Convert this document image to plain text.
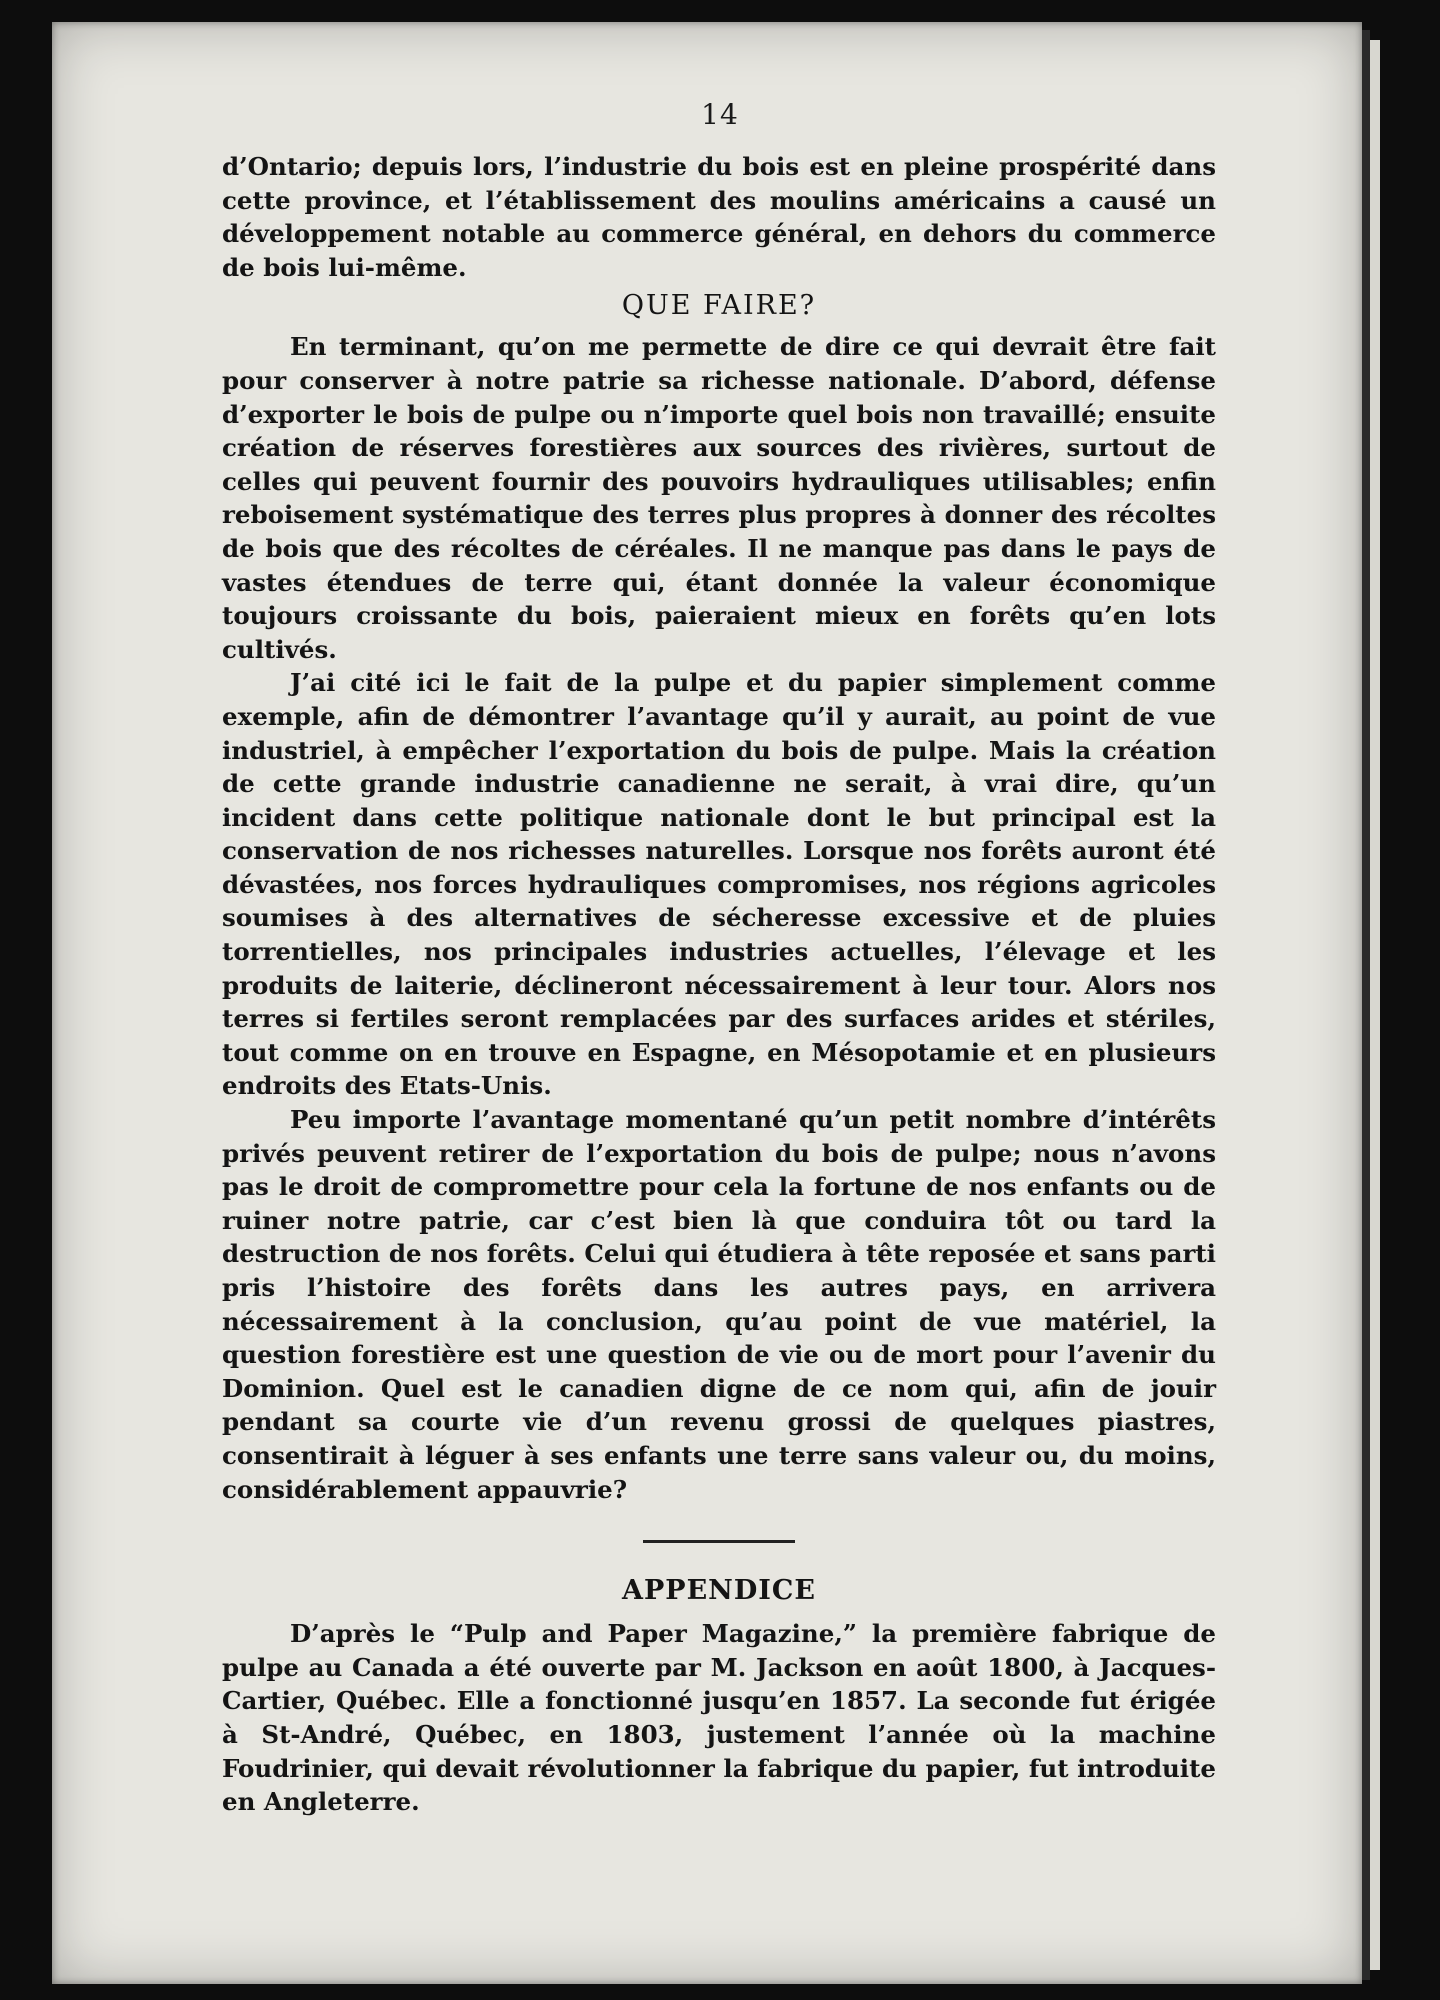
14

d’Ontario; depuis lors, l’industrie du bois est en pleine prospérité dans cette province, et l’établissement des moulins américains a causé un développement notable au commerce général, en dehors du commerce de bois lui-même.

QUE FAIRE?

En terminant, qu’on me permette de dire ce qui devrait être fait pour conserver à notre patrie sa richesse nationale. D’abord, défense d’exporter le bois de pulpe ou n’importe quel bois non travaillé; ensuite création de réserves forestières aux sources des rivières, surtout de celles qui peuvent fournir des pouvoirs hydrauliques utilisables; enfin reboisement systématique des terres plus propres à donner des récoltes de bois que des récoltes de céréales. Il ne manque pas dans le pays de vastes étendues de terre qui, étant donnée la valeur économique toujours croissante du bois, paieraient mieux en forêts qu’en lots cultivés.

J’ai cité ici le fait de la pulpe et du papier simplement comme exemple, afin de démontrer l’avantage qu’il y aurait, au point de vue industriel, à empêcher l’exportation du bois de pulpe. Mais la création de cette grande industrie canadienne ne serait, à vrai dire, qu’un incident dans cette politique nationale dont le but principal est la conservation de nos richesses naturelles. Lorsque nos forêts auront été dévastées, nos forces hydrauliques compromises, nos régions agricoles soumises à des alternatives de sécheresse excessive et de pluies torrentielles, nos principales industries actuelles, l’élevage et les produits de laiterie, déclineront nécessairement à leur tour. Alors nos terres si fertiles seront remplacées par des surfaces arides et stériles, tout comme on en trouve en Espagne, en Mésopotamie et en plusieurs endroits des Etats-Unis.

Peu importe l’avantage momentané qu’un petit nombre d’intérêts privés peuvent retirer de l’exportation du bois de pulpe; nous n’avons pas le droit de compromettre pour cela la fortune de nos enfants ou de ruiner notre patrie, car c’est bien là que conduira tôt ou tard la destruction de nos forêts. Celui qui étudiera à tête reposée et sans parti pris l’histoire des forêts dans les autres pays, en arrivera nécessairement à la conclusion, qu’au point de vue matériel, la question forestière est une question de vie ou de mort pour l’avenir du Dominion. Quel est le canadien digne de ce nom qui, afin de jouir pendant sa courte vie d’un revenu grossi de quelques piastres, consentirait à léguer à ses enfants une terre sans valeur ou, du moins, considérablement appauvrie?

APPENDICE

D’après le “Pulp and Paper Magazine,” la première fabrique de pulpe au Canada a été ouverte par M. Jackson en août 1800, à Jacques-Cartier, Québec. Elle a fonctionné jusqu’en 1857. La seconde fut érigée à St-André, Québec, en 1803, justement l’année où la machine Foudrinier, qui devait révolutionner la fabrique du papier, fut introduite en Angleterre.
